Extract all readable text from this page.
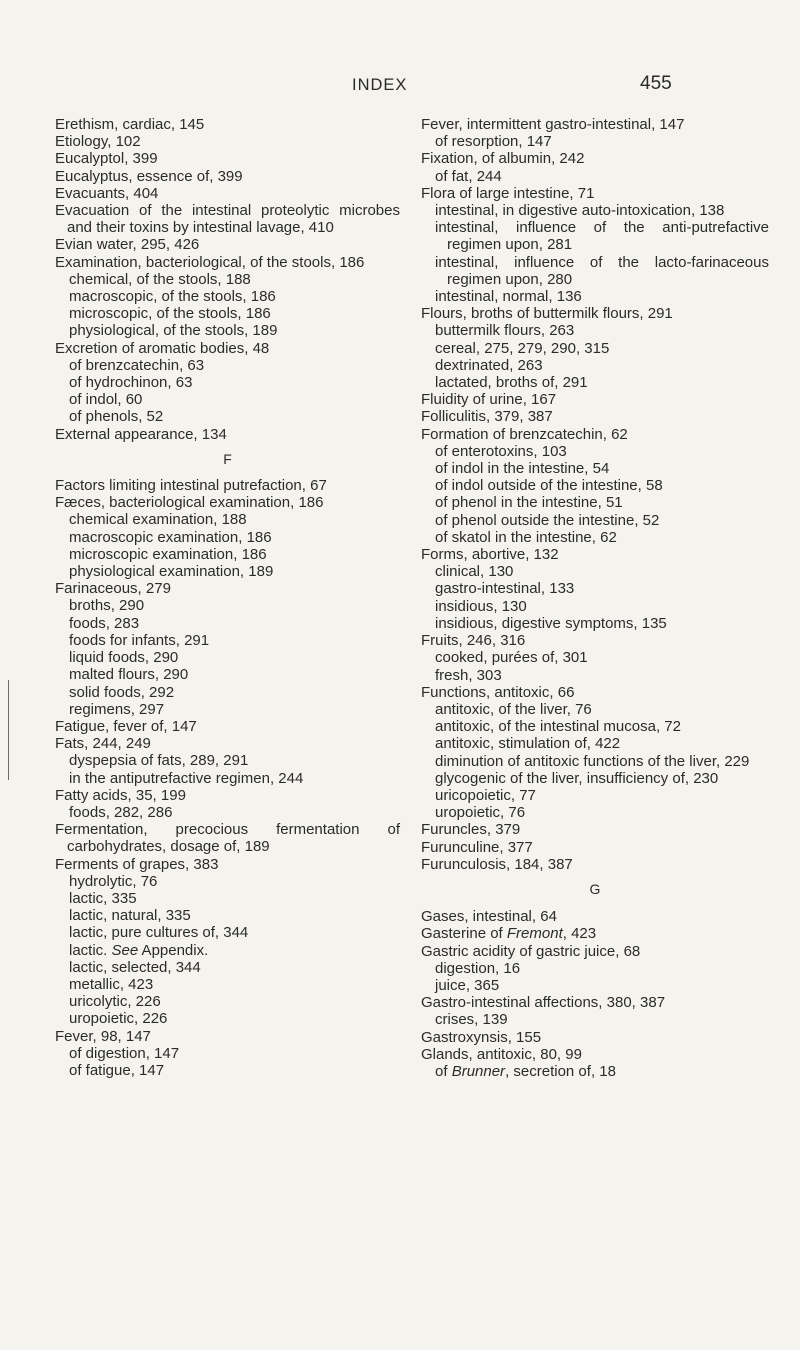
INDEX	455
Erethism, cardiac, 145
Etiology, 102
Eucalyptol, 399
Eucalyptus, essence of, 399
Evacuants, 404
Evacuation of the intestinal proteolytic microbes and their toxins by intestinal lavage, 410
Evian water, 295, 426
Examination, bacteriological, of the stools, 186
chemical, of the stools, 188
macroscopic, of the stools, 186
microscopic, of the stools, 186
physiological, of the stools, 189
Excretion of aromatic bodies, 48
of brenzcatechin, 63
of hydrochinon, 63
of indol, 60
of phenols, 52
External appearance, 134
F
Factors limiting intestinal putrefaction, 67
Fæces, bacteriological examination, 186
chemical examination, 188
macroscopic examination, 186
microscopic examination, 186
physiological examination, 189
Farinaceous, 279
broths, 290
foods, 283
foods for infants, 291
liquid foods, 290
malted flours, 290
solid foods, 292
regimens, 297
Fatigue, fever of, 147
Fats, 244, 249
dyspepsia of fats, 289, 291
in the antiputrefactive regimen, 244
Fatty acids, 35, 199
foods, 282, 286
Fermentation, precocious fermentation of carbohydrates, dosage of, 189
Ferments of grapes, 383
hydrolytic, 76
lactic, 335
lactic, natural, 335
lactic, pure cultures of, 344
lactic. See Appendix.
lactic, selected, 344
metallic, 423
uricolytic, 226
uropoietic, 226
Fever, 98, 147
of digestion, 147
of fatigue, 147
Fever, intermittent gastro-intestinal, 147
of resorption, 147
Fixation, of albumin, 242
of fat, 244
Flora of large intestine, 71
intestinal, in digestive auto-intoxication, 138
intestinal, influence of the anti-putrefactive regimen upon, 281
intestinal, influence of the lacto-farinaceous regimen upon, 280
intestinal, normal, 136
Flours, broths of buttermilk flours, 291
buttermilk flours, 263
cereal, 275, 279, 290, 315
dextrinated, 263
lactated, broths of, 291
Fluidity of urine, 167
Folliculitis, 379, 387
Formation of brenzcatechin, 62
of enterotoxins, 103
of indol in the intestine, 54
of indol outside of the intestine, 58
of phenol in the intestine, 51
of phenol outside the intestine, 52
of skatol in the intestine, 62
Forms, abortive, 132
clinical, 130
gastro-intestinal, 133
insidious, 130
insidious, digestive symptoms, 135
Fruits, 246, 316
cooked, purées of, 301
fresh, 303
Functions, antitoxic, 66
antitoxic, of the liver, 76
antitoxic, of the intestinal mucosa, 72
antitoxic, stimulation of, 422
diminution of antitoxic functions of the liver, 229
glycogenic of the liver, insufficiency of, 230
uricopoietic, 77
uropoietic, 76
Furuncles, 379
Furunculine, 377
Furunculosis, 184, 387
G
Gases, intestinal, 64
Gasterine of Fremont, 423
Gastric acidity of gastric juice, 68
digestion, 16
juice, 365
Gastro-intestinal affections, 380, 387
crises, 139
Gastroxynsis, 155
Glands, antitoxic, 80, 99
of Brunner, secretion of, 18
